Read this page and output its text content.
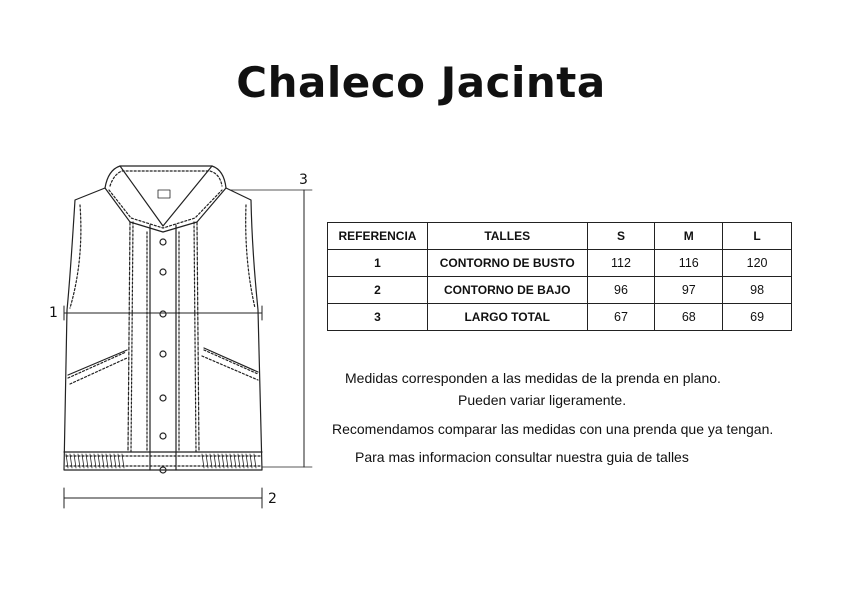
Chaleco Jacinta
1
2
3
REFERENCIA	TALLES	S	M	L
1	CONTORNO DE BUSTO	112	116	120
2	CONTORNO DE BAJO	96	97	98
3	LARGO TOTAL	67	68	69
Medidas corresponden a las medidas de la prenda en plano.
Pueden variar ligeramente.
Recomendamos comparar las medidas con una prenda que ya tengan.
Para mas informacion consultar nuestra guia de talles
